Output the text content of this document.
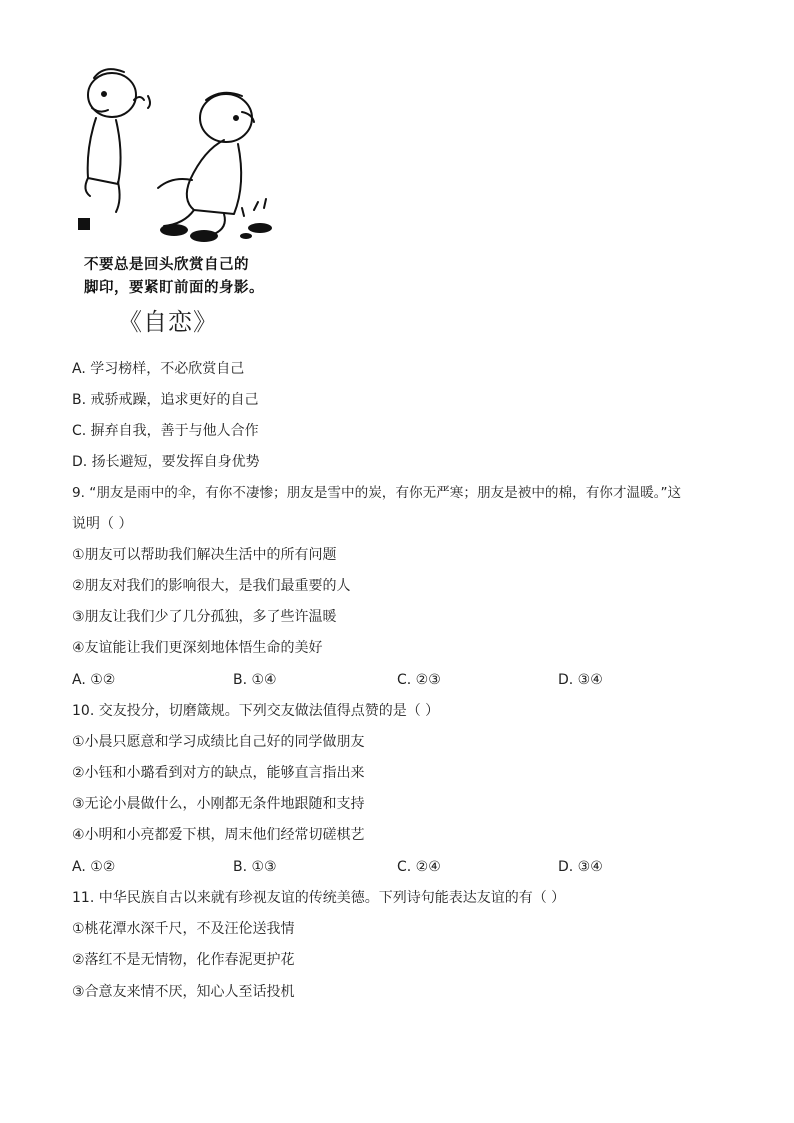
不要总是回头欣赏自己的
脚印，要紧盯前面的身影。
《自恋》
A. 学习榜样，不必欣赏自己
B. 戒骄戒躁，追求更好的自己
C. 摒弃自我，善于与他人合作
D. 扬长避短，要发挥自身优势
9. “朋友是雨中的伞，有你不凄惨；朋友是雪中的炭，有你无严寒；朋友是被中的棉，有你才温暖。”这
说明（ ）
①朋友可以帮助我们解决生活中的所有问题
②朋友对我们的影响很大，是我们最重要的人
③朋友让我们少了几分孤独，多了些许温暖
④友谊能让我们更深刻地体悟生命的美好
A. ①②	B. ①④	C. ②③	D. ③④
10. 交友投分，切磨箴规。下列交友做法值得点赞的是（ ）
①小晨只愿意和学习成绩比自己好的同学做朋友
②小钰和小璐看到对方的缺点，能够直言指出来
③无论小晨做什么，小刚都无条件地跟随和支持
④小明和小亮都爱下棋，周末他们经常切磋棋艺
A. ①②	B. ①③	C. ②④	D. ③④
11. 中华民族自古以来就有珍视友谊的传统美德。下列诗句能表达友谊的有（ ）
①桃花潭水深千尺，不及汪伦送我情
②落红不是无情物，化作春泥更护花
③合意友来情不厌，知心人至话投机
